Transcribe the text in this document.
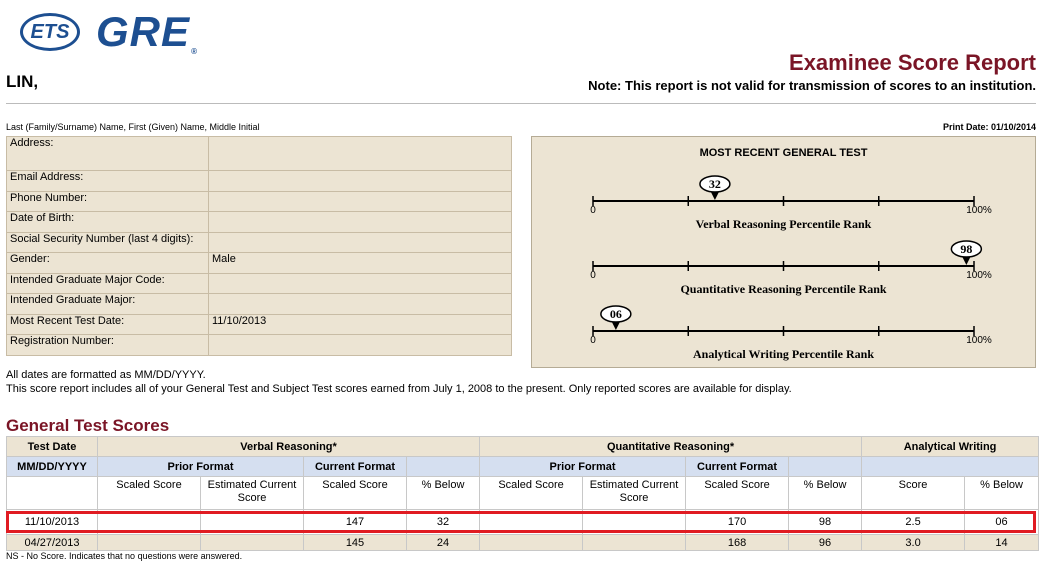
ETS GRE®
LIN,
Examinee Score Report
Note: This report is not valid for transmission of scores to an institution.
Last (Family/Surname) Name, First (Given) Name, Middle Initial	Print Date: 01/10/2014
Address:	
Email Address:	
Phone Number:	
Date of Birth:	
Social Security Number (last 4 digits):	
Gender:	Male
Intended Graduate Major Code:	
Intended Graduate Major:	
Most Recent Test Date:	11/10/2013
Registration Number:	
MOST RECENT GENERAL TEST
0	100%
32
Verbal Reasoning Percentile Rank
0	100%
98
Quantitative Reasoning Percentile Rank
0	100%
06
Analytical Writing Percentile Rank
All dates are formatted as MM/DD/YYYY.
This score report includes all of your General Test and Subject Test scores earned from July 1, 2008 to the present. Only reported scores are available for display.
General Test Scores
Test Date	Verbal Reasoning*				Quantitative Reasoning*				Analytical Writing	
MM/DD/YYYY	Prior Format		Current Format		Prior Format		Current Format			
	Scaled Score	Estimated Current Score	Scaled Score	% Below	Scaled Score	Estimated Current Score	Scaled Score	% Below	Score	% Below
11/10/2013			147	32			170	98	2.5	06
04/27/2013			145	24			168	96	3.0	14
NS - No Score. Indicates that no questions were answered.
